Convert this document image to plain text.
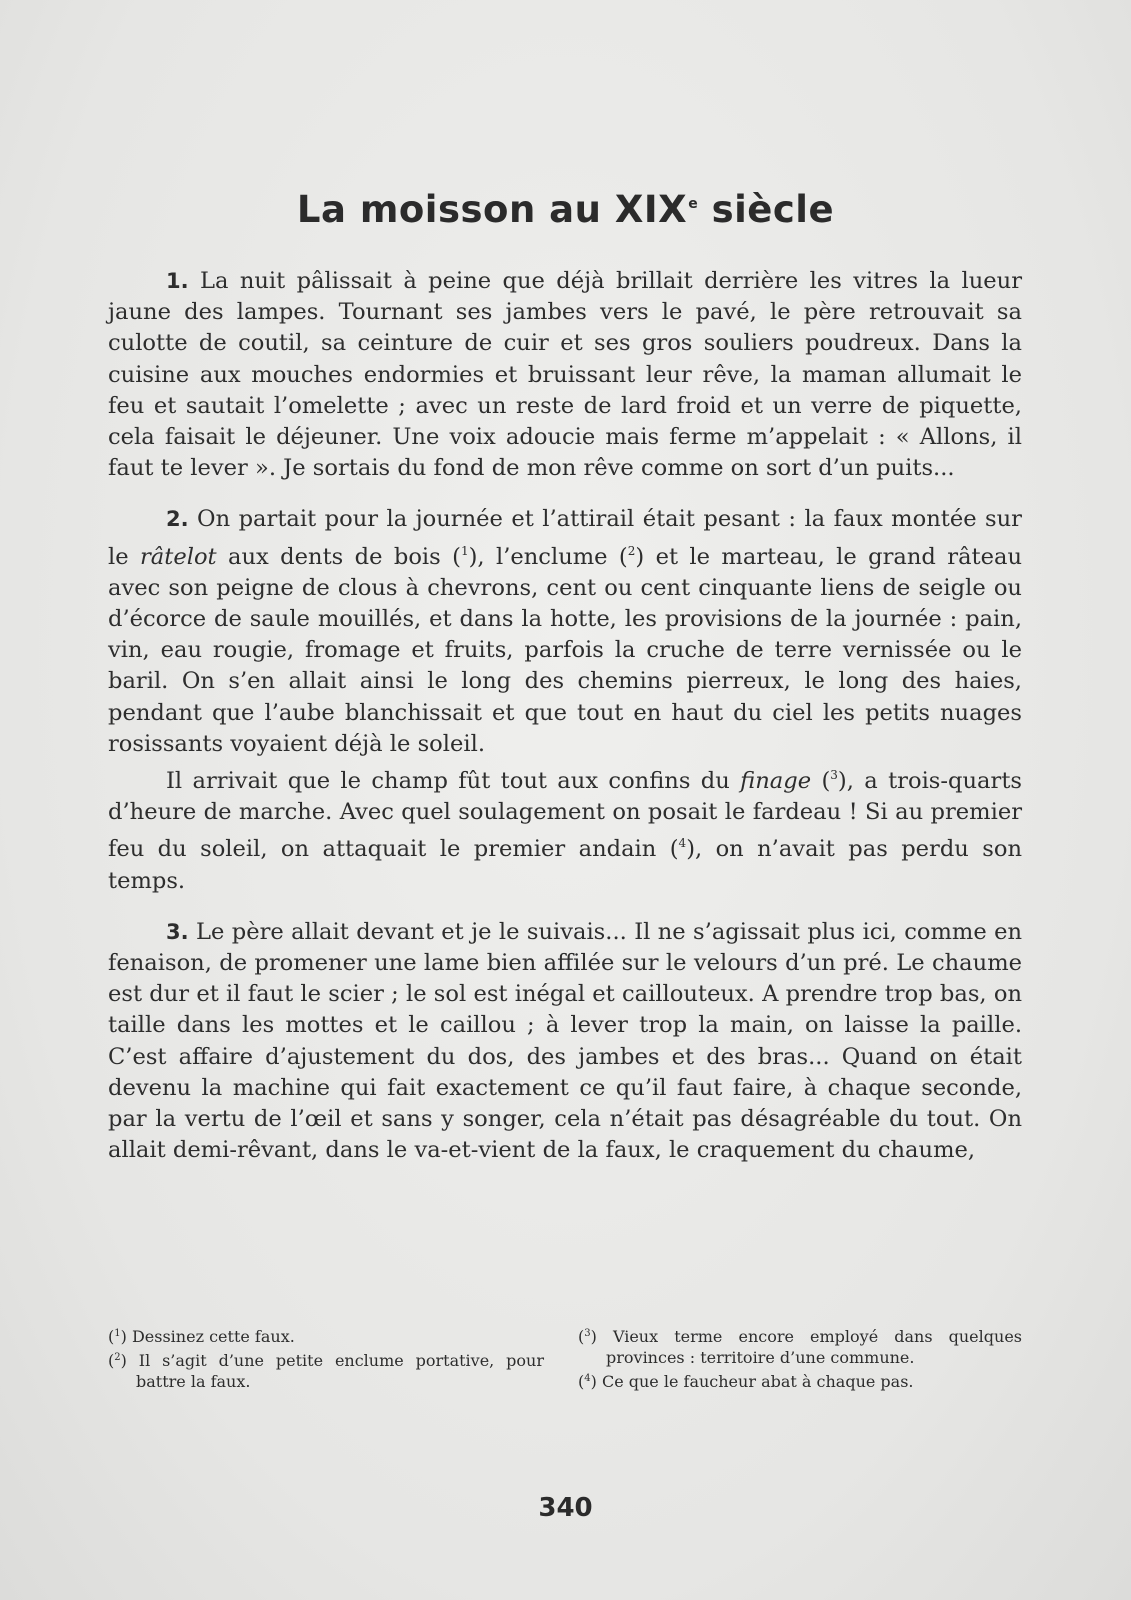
La moisson au XIXe siècle

1. La nuit pâlissait à peine que déjà brillait derrière les vitres la lueur jaune des lampes. Tournant ses jambes vers le pavé, le père retrouvait sa culotte de coutil, sa ceinture de cuir et ses gros souliers poudreux. Dans la cuisine aux mouches endormies et bruissant leur rêve, la maman allumait le feu et sautait l’omelette ; avec un reste de lard froid et un verre de piquette, cela faisait le déjeuner. Une voix adoucie mais ferme m’appelait : « Allons, il faut te lever ». Je sortais du fond de mon rêve comme on sort d’un puits...

2. On partait pour la journée et l’attirail était pesant : la faux montée sur le râtelot aux dents de bois ($^1$), l’enclume ($^2$) et le marteau, le grand râteau avec son peigne de clous à chevrons, cent ou cent cinquante liens de seigle ou d’écorce de saule mouillés, et dans la hotte, les provisions de la journée : pain, vin, eau rougie, fromage et fruits, parfois la cruche de terre vernissée ou le baril. On s’en allait ainsi le long des chemins pierreux, le long des haies, pendant que l’aube blanchissait et que tout en haut du ciel les petits nuages rosissants voyaient déjà le soleil.

Il arrivait que le champ fût tout aux confins du finage ($^3$), a trois-quarts d’heure de marche. Avec quel soulagement on posait le fardeau ! Si au premier feu du soleil, on attaquait le premier andain ($^4$), on n’avait pas perdu son temps.

3. Le père allait devant et je le suivais... Il ne s’agissait plus ici, comme en fenaison, de promener une lame bien affilée sur le velours d’un pré. Le chaume est dur et il faut le scier ; le sol est inégal et caillouteux. A prendre trop bas, on taille dans les mottes et le caillou ; à lever trop la main, on laisse la paille. C’est affaire d’ajustement du dos, des jambes et des bras... Quand on était devenu la machine qui fait exactement ce qu’il faut faire, à chaque seconde, par la vertu de l’œil et sans y songer, cela n’était pas désagréable du tout. On allait demi-rêvant, dans le va-et-vient de la faux, le craquement du chaume,

($^1$) Dessinez cette faux.

($^2$) Il s’agit d’une petite enclume portative, pour battre la faux.

($^3$) Vieux terme encore employé dans quelques provinces : territoire d’une commune.

($^4$) Ce que le faucheur abat à chaque pas.

340
